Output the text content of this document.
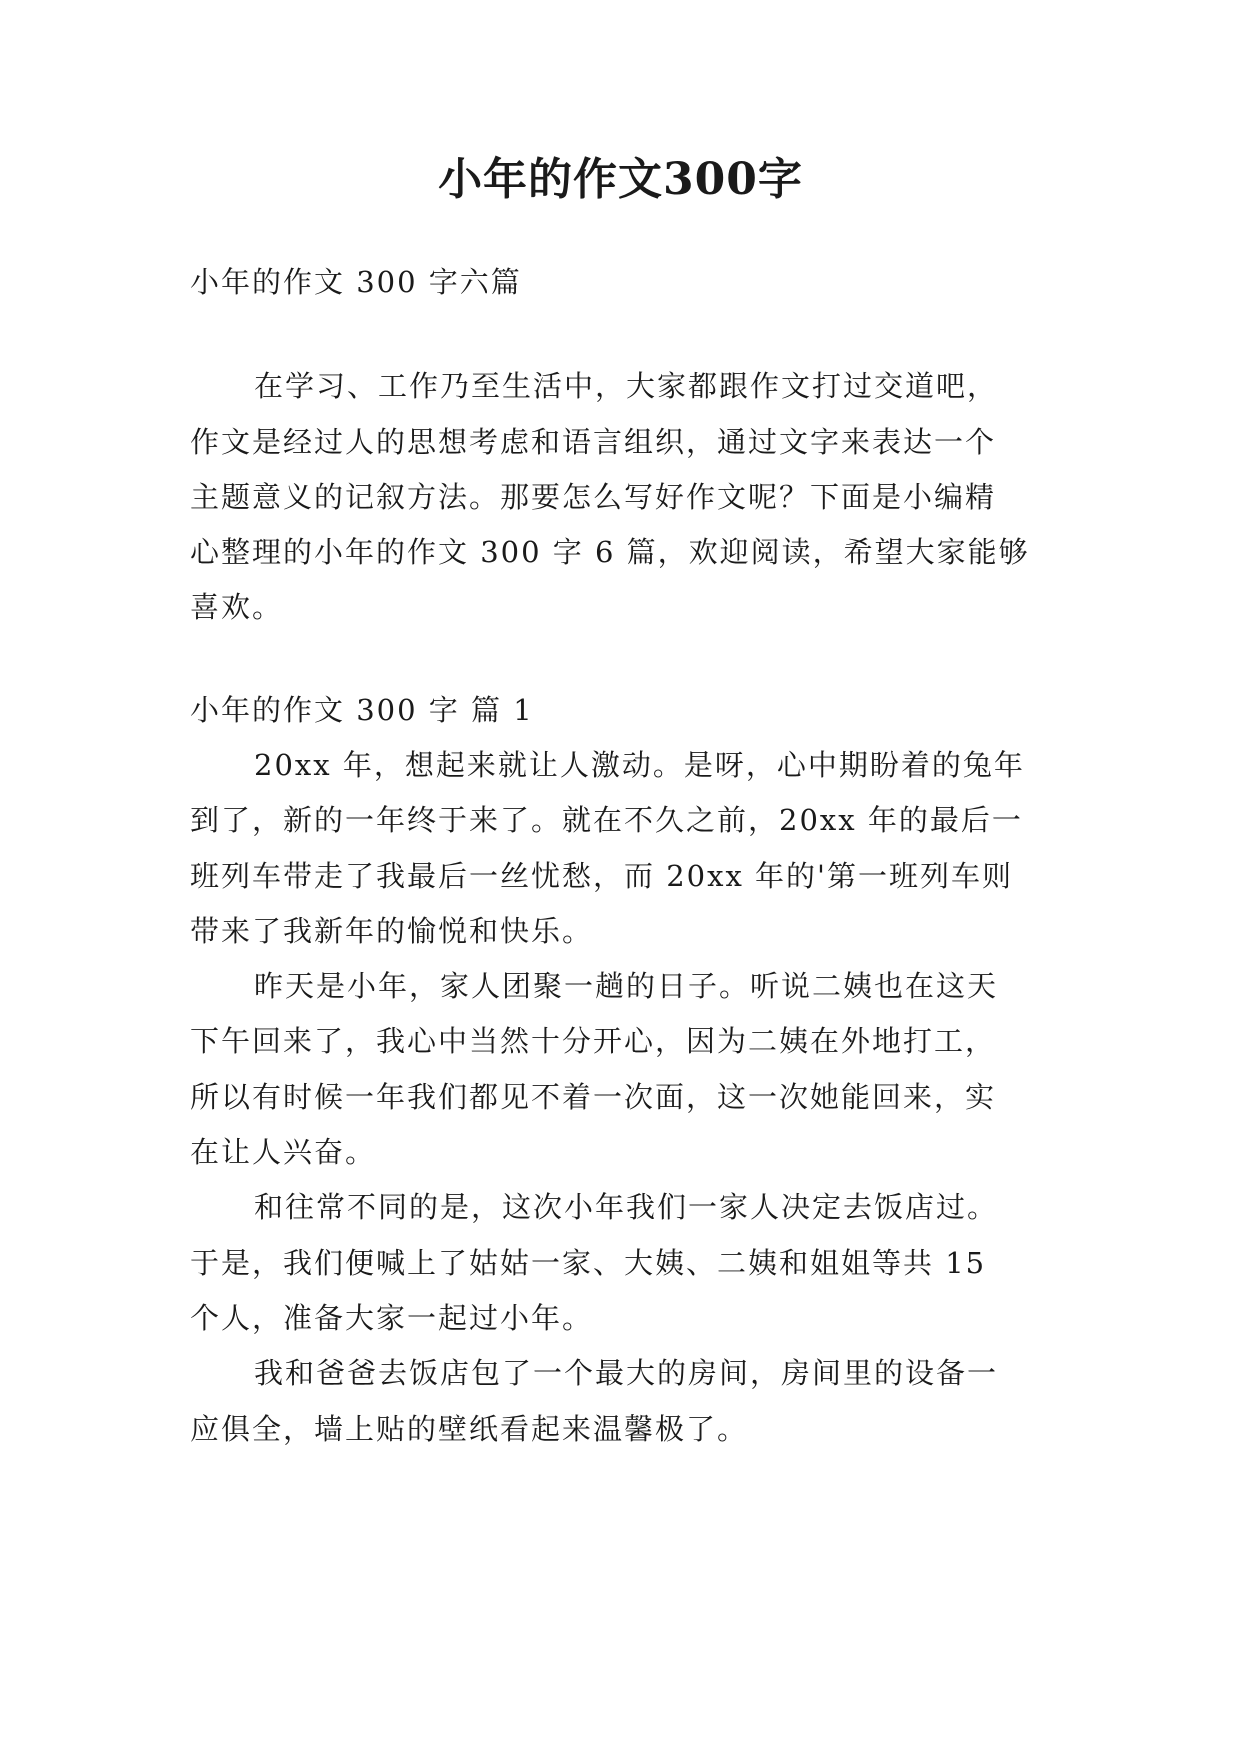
小年的作文300字
小年的作文 300 字六篇
在学习、工作乃至生活中，大家都跟作文打过交道吧，
作文是经过人的思想考虑和语言组织，通过文字来表达一个
主题意义的记叙方法。那要怎么写好作文呢？下面是小编精
心整理的小年的作文 300 字 6 篇，欢迎阅读，希望大家能够
喜欢。
小年的作文 300 字 篇 1
20xx 年，想起来就让人激动。是呀，心中期盼着的兔年
到了，新的一年终于来了。就在不久之前，20xx 年的最后一
班列车带走了我最后一丝忧愁，而 20xx 年的'第一班列车则
带来了我新年的愉悦和快乐。
昨天是小年，家人团聚一趟的日子。听说二姨也在这天
下午回来了，我心中当然十分开心，因为二姨在外地打工，
所以有时候一年我们都见不着一次面，这一次她能回来，实
在让人兴奋。
和往常不同的是，这次小年我们一家人决定去饭店过。
于是，我们便喊上了姑姑一家、大姨、二姨和姐姐等共 15
个人，准备大家一起过小年。
我和爸爸去饭店包了一个最大的房间，房间里的设备一
应俱全，墙上贴的壁纸看起来温馨极了。
